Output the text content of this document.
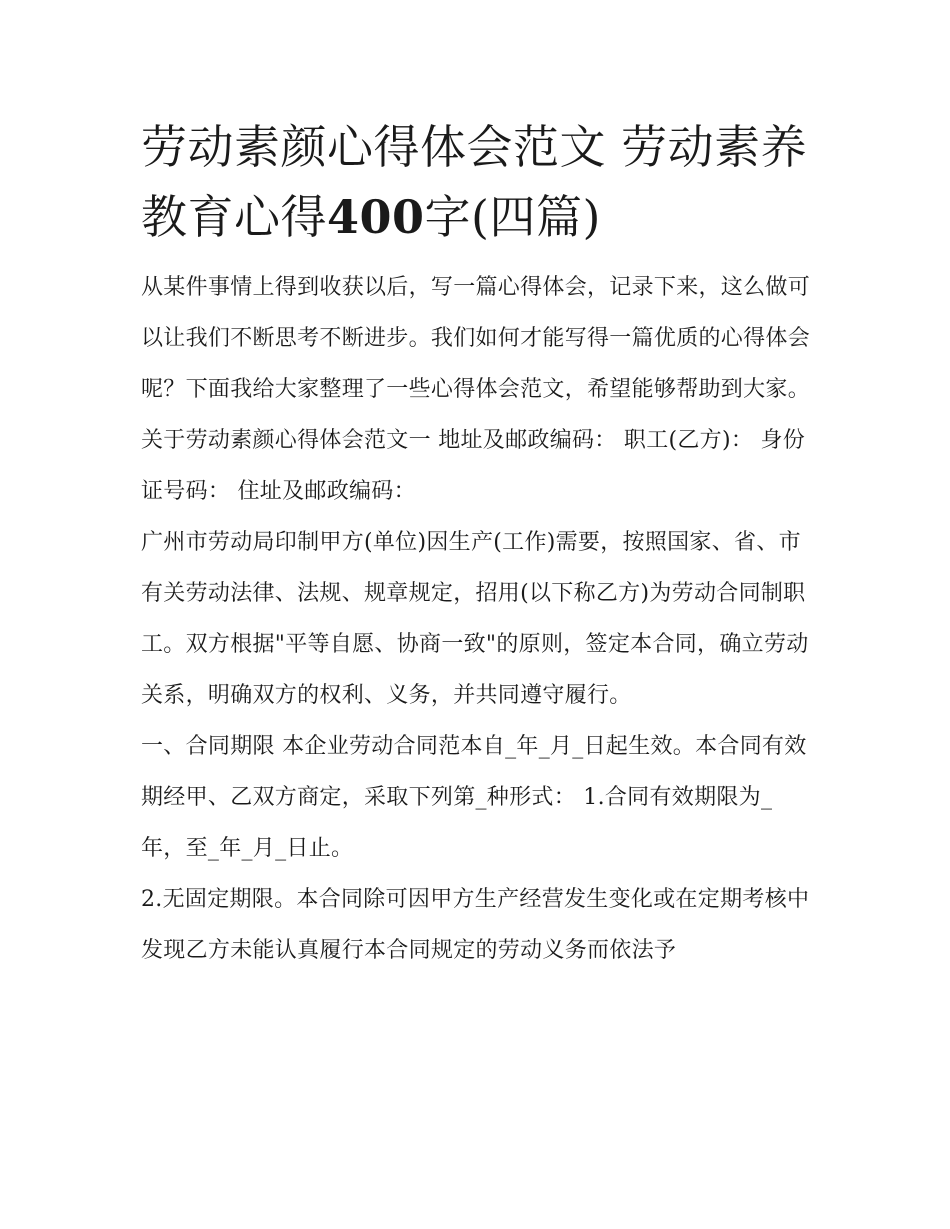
劳动素颜心得体会范文 劳动素养教育心得400字(四篇)

从某件事情上得到收获以后，写一篇心得体会，记录下来，这么做可以让我们不断思考不断进步。我们如何才能写得一篇优质的心得体会呢？下面我给大家整理了一些心得体会范文，希望能够帮助到大家。

关于劳动素颜心得体会范文一 地址及邮政编码： 职工(乙方)： 身份证号码： 住址及邮政编码：

广州市劳动局印制甲方(单位)因生产(工作)需要，按照国家、省、市有关劳动法律、法规、规章规定，招用(以下称乙方)为劳动合同制职工。双方根据"平等自愿、协商一致"的原则，签定本合同，确立劳动关系，明确双方的权利、义务，并共同遵守履行。

一、合同期限 本企业劳动合同范本自_年_月_日起生效。本合同有效期经甲、乙双方商定，采取下列第_种形式： 1.合同有效期限为_年，至_年_月_日止。

2.无固定期限。本合同除可因甲方生产经营发生变化或在定期考核中发现乙方未能认真履行本合同规定的劳动义务而依法予
